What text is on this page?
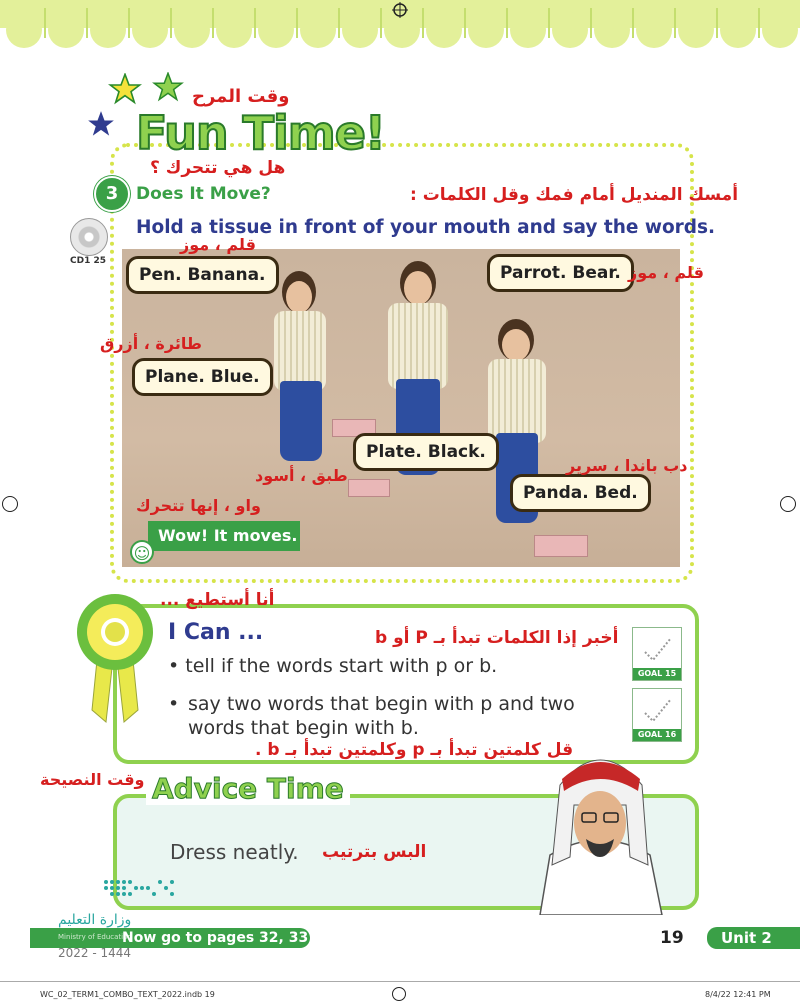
وقت المرح
Fun Time!
هل هي تتحرك ؟
3	Does It Move?	أمسك المنديل أمام فمك وقل الكلمات :
CD1 25
Hold a tissue in front of your mouth and say the words.
Pen. Banana.	Parrot. Bear.
Plane. Blue.
Plate. Black.
Panda. Bed.
Wow! It moves.
☺
قلم ، موز
قلم ، موز
طائرة ، أزرق
طبق ، أسود
دب باندا ، سرير
واو ، إنها تتحرك
أنا أستطيع ...
I Can ...	أخبر إذا الكلمات تبدأ بـ P أو b
• tell if the words start with p or b.
• say two words that begin with p and two words that begin with b.
قل كلمتين تبدأ بـ p وكلمتين تبدأ بـ b .
GOAL 15
GOAL 16
وقت النصيحة Advice Time
Dress neatly. البس بترتيب
وزارة التعليم
Ministry of Education
Now go to pages 32, 33
2022 - 1444
19	Unit 2
WC_02_TERM1_COMBO_TEXT_2022.indb 19	8/4/22 12:41 PM
